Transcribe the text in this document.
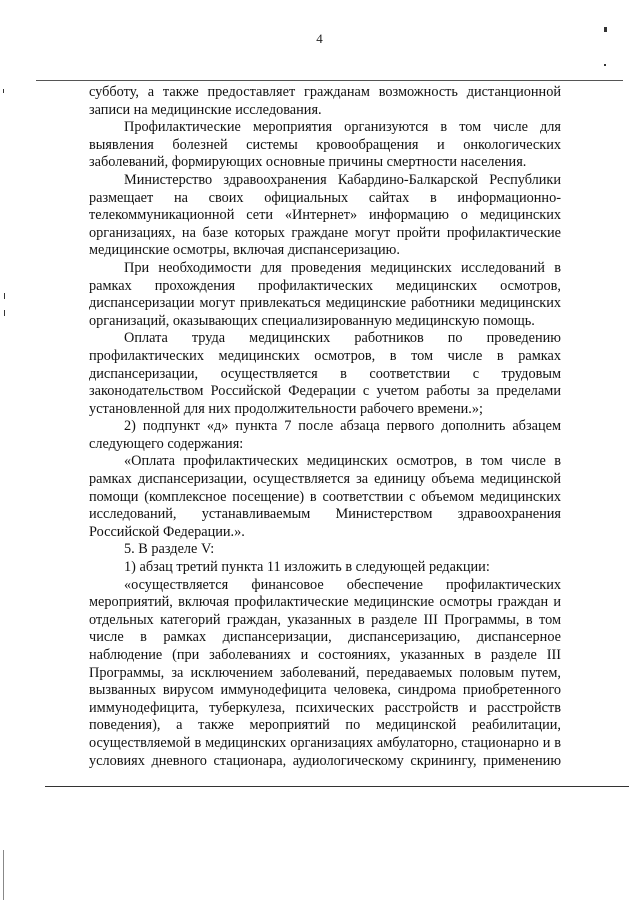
4

субботу, а также предоставляет гражданам возможность дистанционной записи на медицинские исследования.

Профилактические мероприятия организуются в том числе для выявления болезней системы кровообращения и онкологических заболеваний, формирующих основные причины смертности населения.

Министерство здравоохранения Кабардино-Балкарской Республики размещает на своих официальных сайтах в информационно-телекоммуникационной сети «Интернет» информацию о медицинских организациях, на базе которых граждане могут пройти профилактические медицинские осмотры, включая диспансеризацию.

При необходимости для проведения медицинских исследований в рамках прохождения профилактических медицинских осмотров, диспансеризации могут привлекаться медицинские работники медицинских организаций, оказывающих специализированную медицинскую помощь.

Оплата труда медицинских работников по проведению профилактических медицинских осмотров, в том числе в рамках диспансеризации, осуществляется в соответствии с трудовым законодательством Российской Федерации с учетом работы за пределами установленной для них продолжительности рабочего времени.»;

2) подпункт «д» пункта 7 после абзаца первого дополнить абзацем следующего содержания:

«Оплата профилактических медицинских осмотров, в том числе в рамках диспансеризации, осуществляется за единицу объема медицинской помощи (комплексное посещение) в соответствии с объемом медицинских исследований, устанавливаемым Министерством здравоохранения Российской Федерации.».

5. В разделе V:

1) абзац третий пункта 11 изложить в следующей редакции:

«осуществляется финансовое обеспечение профилактических мероприятий, включая профилактические медицинские осмотры граждан и отдельных категорий граждан, указанных в разделе III Программы, в том числе в рамках диспансеризации, диспансеризацию, диспансерное наблюдение (при заболеваниях и состояниях, указанных в разделе III Программы, за исключением заболеваний, передаваемых половым путем, вызванных вирусом иммунодефицита человека, синдрома приобретенного иммунодефицита, туберкулеза, психических расстройств и расстройств поведения), а также мероприятий по медицинской реабилитации, осуществляемой в медицинских организациях амбулаторно, стационарно и в условиях дневного стационара, аудиологическому скринингу, применению
